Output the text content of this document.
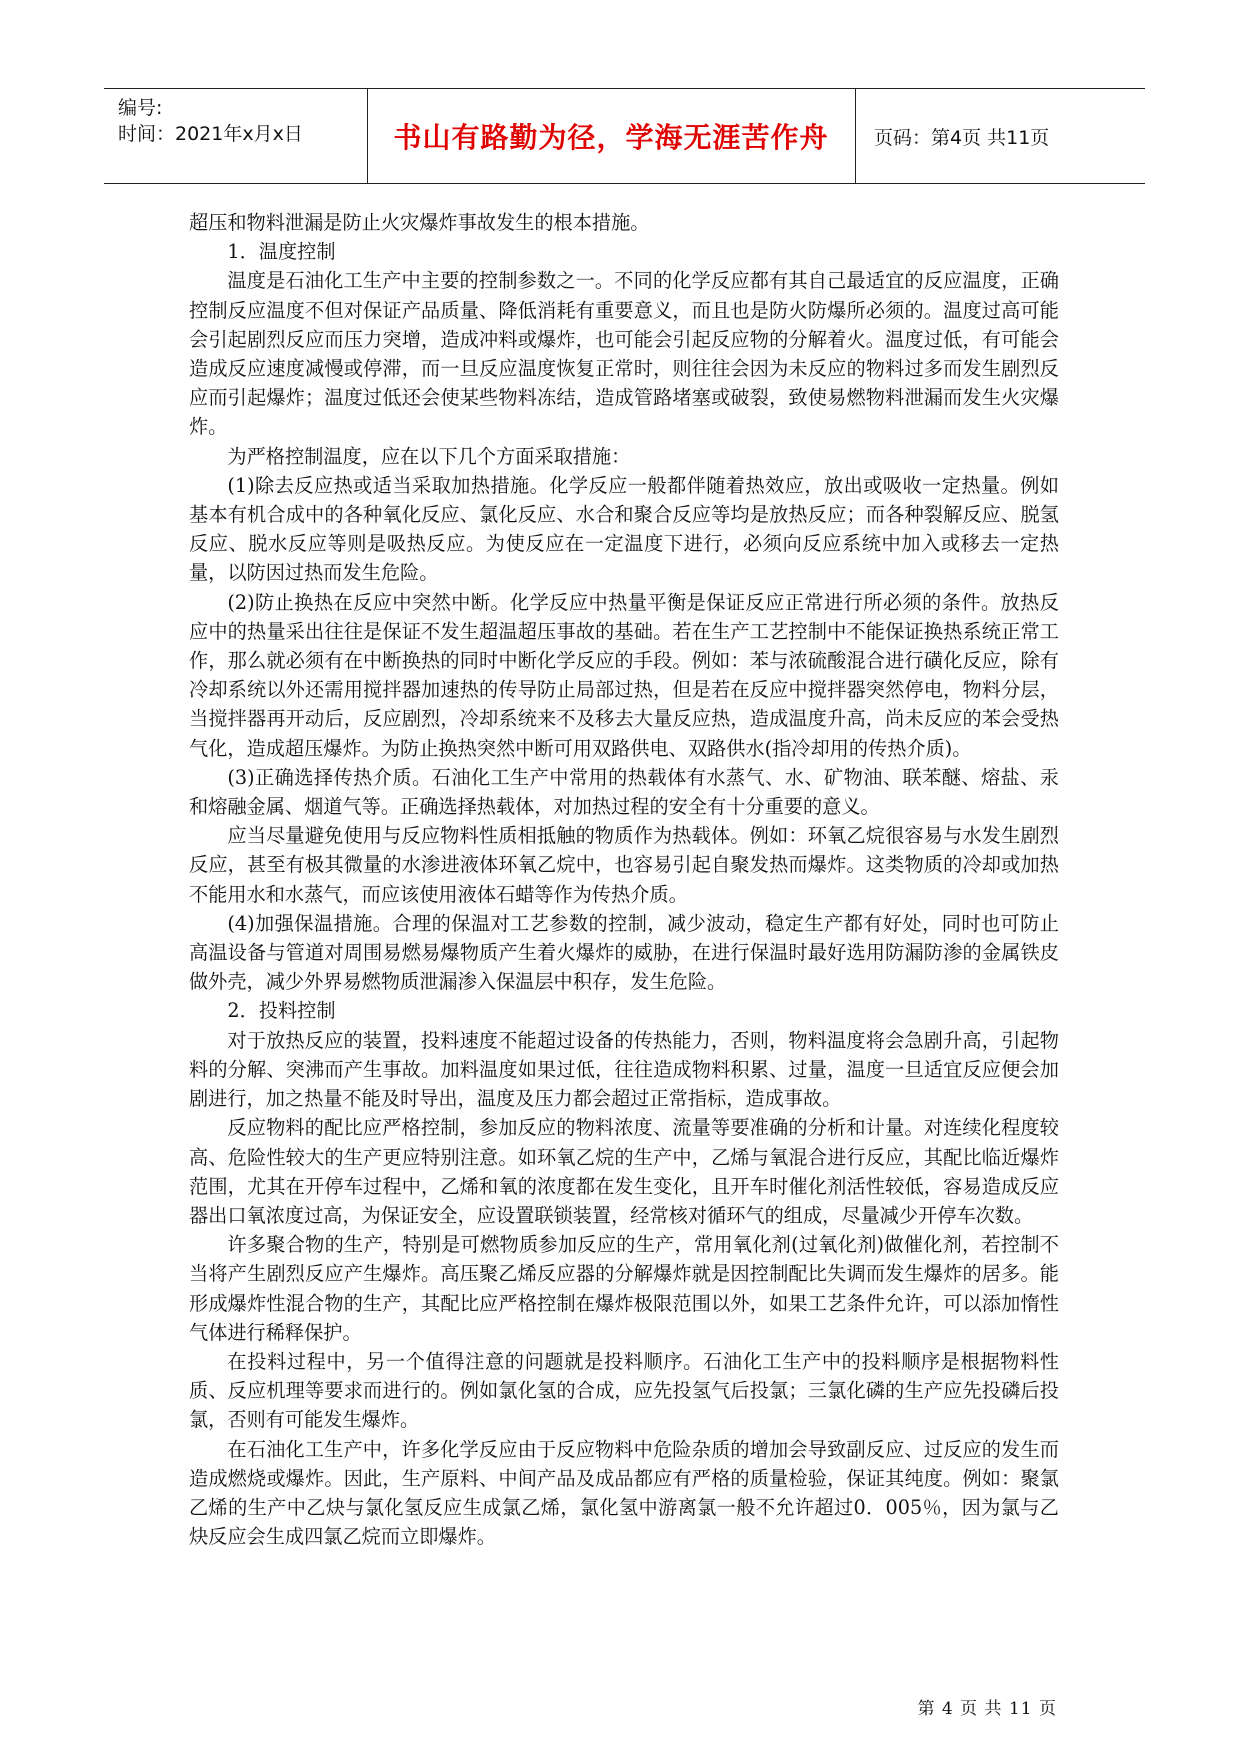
编号:
时间：2021年x月x日	书山有路勤为径，学海无涯苦作舟	页码：第4页 共11页

超压和物料泄漏是防止火灾爆炸事故发生的根本措施。

1．温度控制

温度是石油化工生产中主要的控制参数之一。不同的化学反应都有其自己最适宜的反应温度，正确控制反应温度不但对保证产品质量、降低消耗有重要意义，而且也是防火防爆所必须的。温度过高可能会引起剧烈反应而压力突增，造成冲料或爆炸，也可能会引起反应物的分解着火。温度过低，有可能会造成反应速度减慢或停滞，而一旦反应温度恢复正常时，则往往会因为未反应的物料过多而发生剧烈反应而引起爆炸；温度过低还会使某些物料冻结，造成管路堵塞或破裂，致使易燃物料泄漏而发生火灾爆炸。

为严格控制温度，应在以下几个方面采取措施：

(1)除去反应热或适当采取加热措施。化学反应一般都伴随着热效应，放出或吸收一定热量。例如基本有机合成中的各种氧化反应、氯化反应、水合和聚合反应等均是放热反应；而各种裂解反应、脱氢反应、脱水反应等则是吸热反应。为使反应在一定温度下进行，必须向反应系统中加入或移去一定热量，以防因过热而发生危险。

(2)防止换热在反应中突然中断。化学反应中热量平衡是保证反应正常进行所必须的条件。放热反应中的热量采出往往是保证不发生超温超压事故的基础。若在生产工艺控制中不能保证换热系统正常工作，那么就必须有在中断换热的同时中断化学反应的手段。例如：苯与浓硫酸混合进行磺化反应，除有冷却系统以外还需用搅拌器加速热的传导防止局部过热，但是若在反应中搅拌器突然停电，物料分层，当搅拌器再开动后，反应剧烈，冷却系统来不及移去大量反应热，造成温度升高，尚未反应的苯会受热气化，造成超压爆炸。为防止换热突然中断可用双路供电、双路供水(指冷却用的传热介质)。

(3)正确选择传热介质。石油化工生产中常用的热载体有水蒸气、水、矿物油、联苯醚、熔盐、汞和熔融金属、烟道气等。正确选择热载体，对加热过程的安全有十分重要的意义。

应当尽量避免使用与反应物料性质相抵触的物质作为热载体。例如：环氧乙烷很容易与水发生剧烈反应，甚至有极其微量的水渗进液体环氧乙烷中，也容易引起自聚发热而爆炸。这类物质的冷却或加热不能用水和水蒸气，而应该使用液体石蜡等作为传热介质。

(4)加强保温措施。合理的保温对工艺参数的控制，减少波动，稳定生产都有好处，同时也可防止高温设备与管道对周围易燃易爆物质产生着火爆炸的威胁，在进行保温时最好选用防漏防渗的金属铁皮做外壳，减少外界易燃物质泄漏渗入保温层中积存，发生危险。

2．投料控制

对于放热反应的装置，投料速度不能超过设备的传热能力，否则，物料温度将会急剧升高，引起物料的分解、突沸而产生事故。加料温度如果过低，往往造成物料积累、过量，温度一旦适宜反应便会加剧进行，加之热量不能及时导出，温度及压力都会超过正常指标，造成事故。

反应物料的配比应严格控制，参加反应的物料浓度、流量等要准确的分析和计量。对连续化程度较高、危险性较大的生产更应特别注意。如环氧乙烷的生产中，乙烯与氧混合进行反应，其配比临近爆炸范围，尤其在开停车过程中，乙烯和氧的浓度都在发生变化，且开车时催化剂活性较低，容易造成反应器出口氧浓度过高，为保证安全，应设置联锁装置，经常核对循环气的组成，尽量减少开停车次数。

许多聚合物的生产，特别是可燃物质参加反应的生产，常用氧化剂(过氧化剂)做催化剂，若控制不当将产生剧烈反应产生爆炸。高压聚乙烯反应器的分解爆炸就是因控制配比失调而发生爆炸的居多。能形成爆炸性混合物的生产，其配比应严格控制在爆炸极限范围以外，如果工艺条件允许，可以添加惰性气体进行稀释保护。

在投料过程中，另一个值得注意的问题就是投料顺序。石油化工生产中的投料顺序是根据物料性质、反应机理等要求而进行的。例如氯化氢的合成，应先投氢气后投氯；三氯化磷的生产应先投磷后投氯，否则有可能发生爆炸。

在石油化工生产中，许多化学反应由于反应物料中危险杂质的增加会导致副反应、过反应的发生而造成燃烧或爆炸。因此，生产原料、中间产品及成品都应有严格的质量检验，保证其纯度。例如：聚氯乙烯的生产中乙炔与氯化氢反应生成氯乙烯，氯化氢中游离氯一般不允许超过0．005％，因为氯与乙炔反应会生成四氯乙烷而立即爆炸。

第 4 页 共 11 页
